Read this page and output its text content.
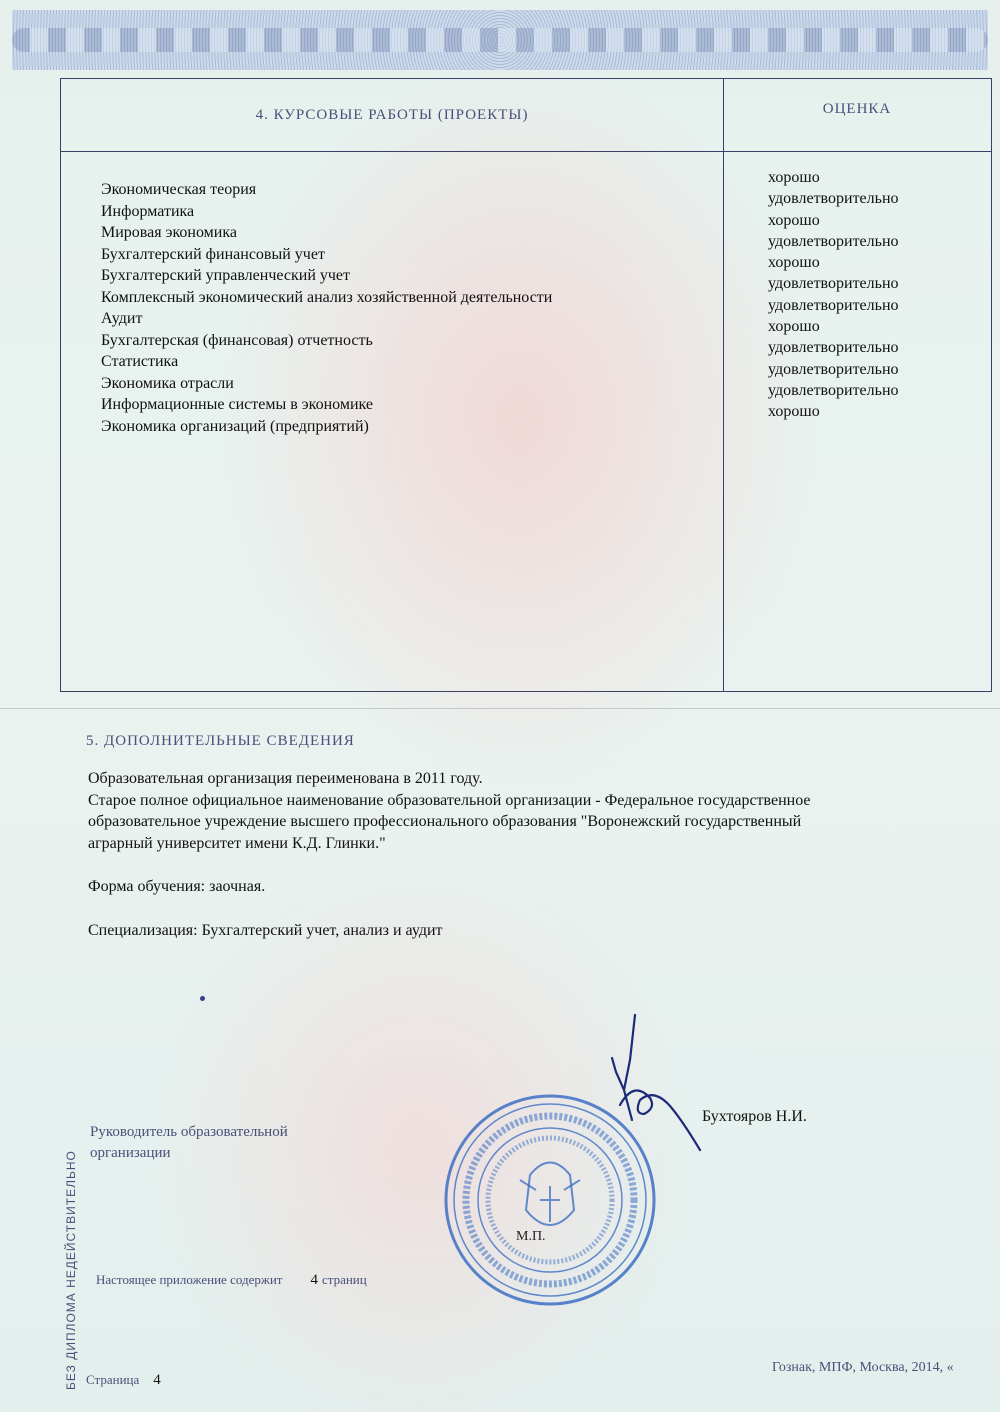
4. КУРСОВЫЕ РАБОТЫ (ПРОЕКТЫ)	ОЦЕНКА
Экономическая теория
Информатика
Мировая экономика
Бухгалтерский финансовый учет
Бухгалтерский управленческий учет
Комплексный экономический анализ хозяйственной деятельности
Аудит
Бухгалтерская (финансовая) отчетность
Статистика
Экономика отрасли
Информационные системы в экономике
Экономика организаций (предприятий)
хорошо
удовлетворительно
хорошо
удовлетворительно
хорошо
удовлетворительно
удовлетворительно
хорошо
удовлетворительно
удовлетворительно
удовлетворительно
хорошо
5. ДОПОЛНИТЕЛЬНЫЕ СВЕДЕНИЯ

Образовательная организация переименована в 2011 году.

Старое полное официальное наименование образовательной организации - Федеральное государственное

образовательное учреждение высшего профессионального образования "Воронежский государственный

аграрный университет имени К.Д. Глинки."

Форма обучения: заочная.

Специализация: Бухгалтерский учет, анализ и аудит

Руководитель образовательной
организации
Бухтояров Н.И.
М.П.
БЕЗ ДИПЛОМА НЕДЕЙСТВИТЕЛЬНО Настоящее приложение содержит 4 страниц
Страница 4
Гознак, МПФ, Москва, 2014, «
